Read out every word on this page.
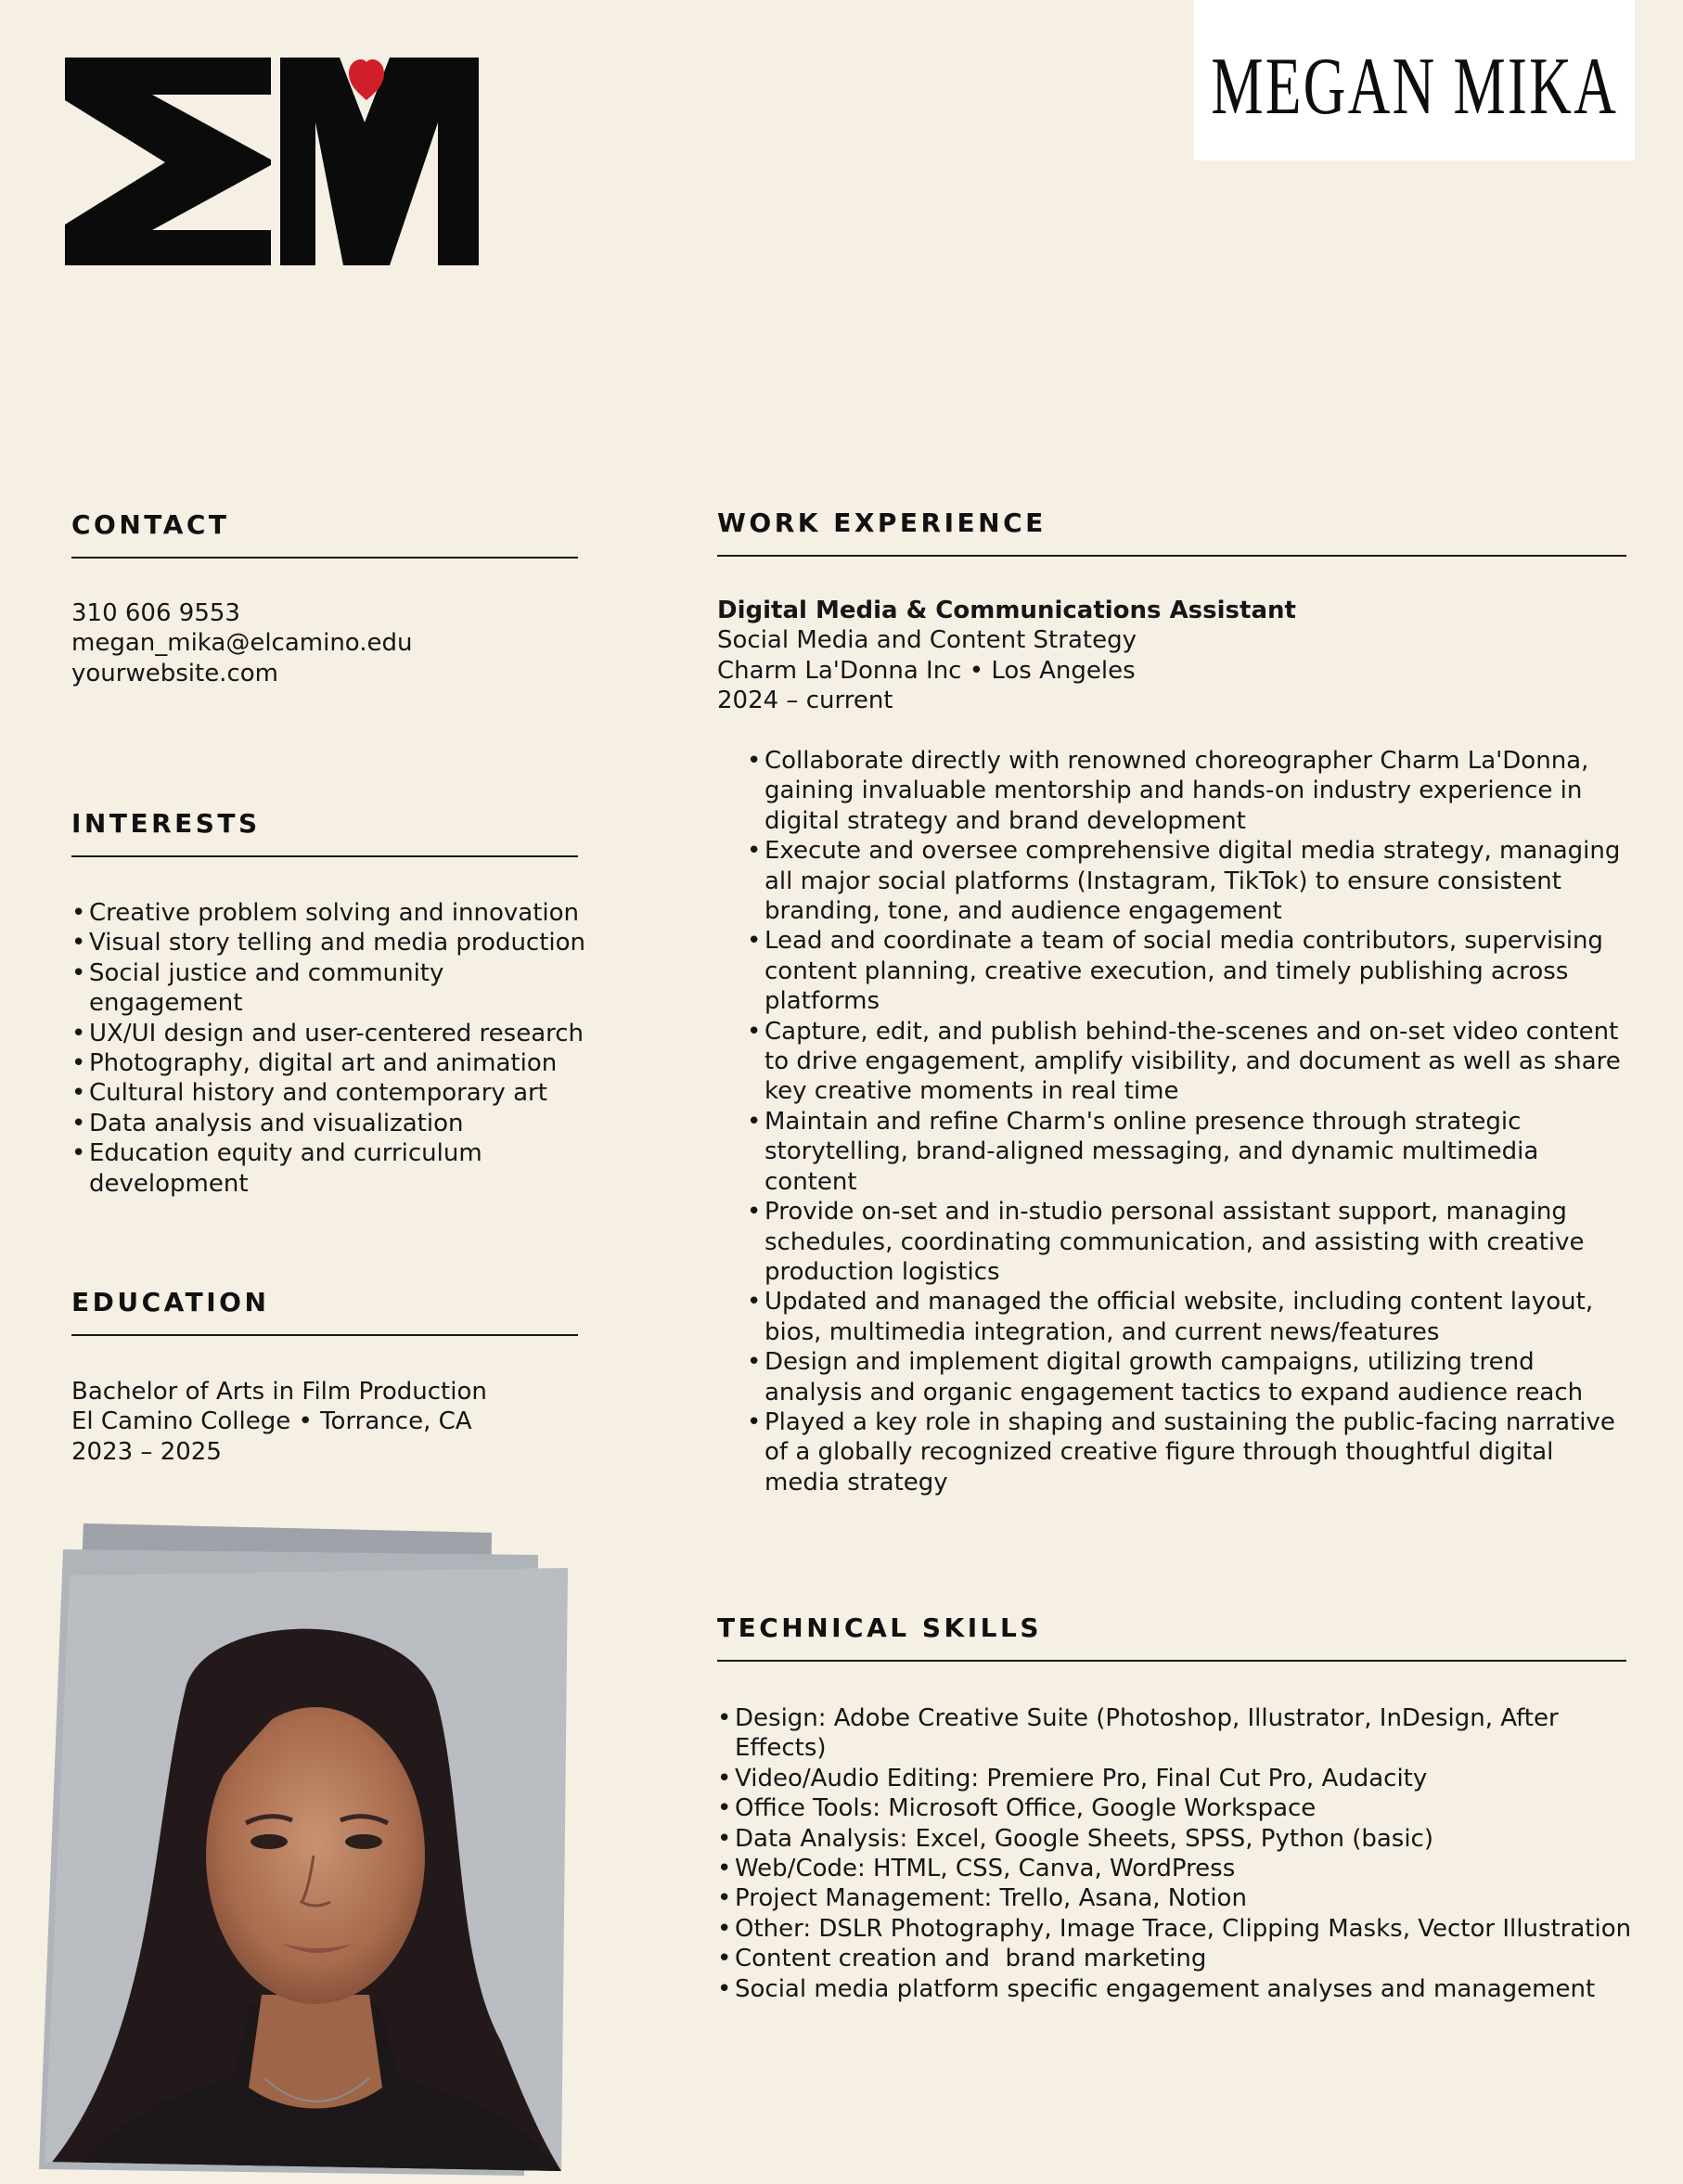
MEGAN MIKA
CONTACT

310 606 9553

megan_mika@elcamino.edu

yourwebsite.com

INTERESTS
• Creative problem solving and innovation
• Visual story telling and media production
• Social justice and community engagement
• UX/UI design and user-centered research
• Photography, digital art and animation
• Cultural history and contemporary art
• Data analysis and visualization
• Education equity and curriculum development
EDUCATION

Bachelor of Arts in Film Production

El Camino College • Torrance, CA

2023 – 2025

WORK EXPERIENCE

Digital Media & Communications Assistant

Social Media and Content Strategy

Charm La'Donna Inc • Los Angeles

2024 – current

• Collaborate directly with renowned choreographer Charm La'Donna, gaining invaluable mentorship and hands-on industry experience in digital strategy and brand development
• Execute and oversee comprehensive digital media strategy, managing all major social platforms (Instagram, TikTok) to ensure consistent branding, tone, and audience engagement
• Lead and coordinate a team of social media contributors, supervising content planning, creative execution, and timely publishing across platforms
• Capture, edit, and publish behind-the-scenes and on-set video content to drive engagement, amplify visibility, and document as well as share key creative moments in real time
• Maintain and refine Charm's online presence through strategic storytelling, brand-aligned messaging, and dynamic multimedia content
• Provide on-set and in-studio personal assistant support, managing schedules, coordinating communication, and assisting with creative production logistics
• Updated and managed the official website, including content layout, bios, multimedia integration, and current news/features
• Design and implement digital growth campaigns, utilizing trend analysis and organic engagement tactics to expand audience reach
• Played a key role in shaping and sustaining the public-facing narrative of a globally recognized creative figure through thoughtful digital media strategy
TECHNICAL SKILLS
• Design: Adobe Creative Suite (Photoshop, Illustrator, InDesign, After Effects)
• Video/Audio Editing: Premiere Pro, Final Cut Pro, Audacity
• Office Tools: Microsoft Office, Google Workspace
• Data Analysis: Excel, Google Sheets, SPSS, Python (basic)
• Web/Code: HTML, CSS, Canva, WordPress
• Project Management: Trello, Asana, Notion
• Other: DSLR Photography, Image Trace, Clipping Masks, Vector Illustration
• Content creation and  brand marketing
• Social media platform specific engagement analyses and management
